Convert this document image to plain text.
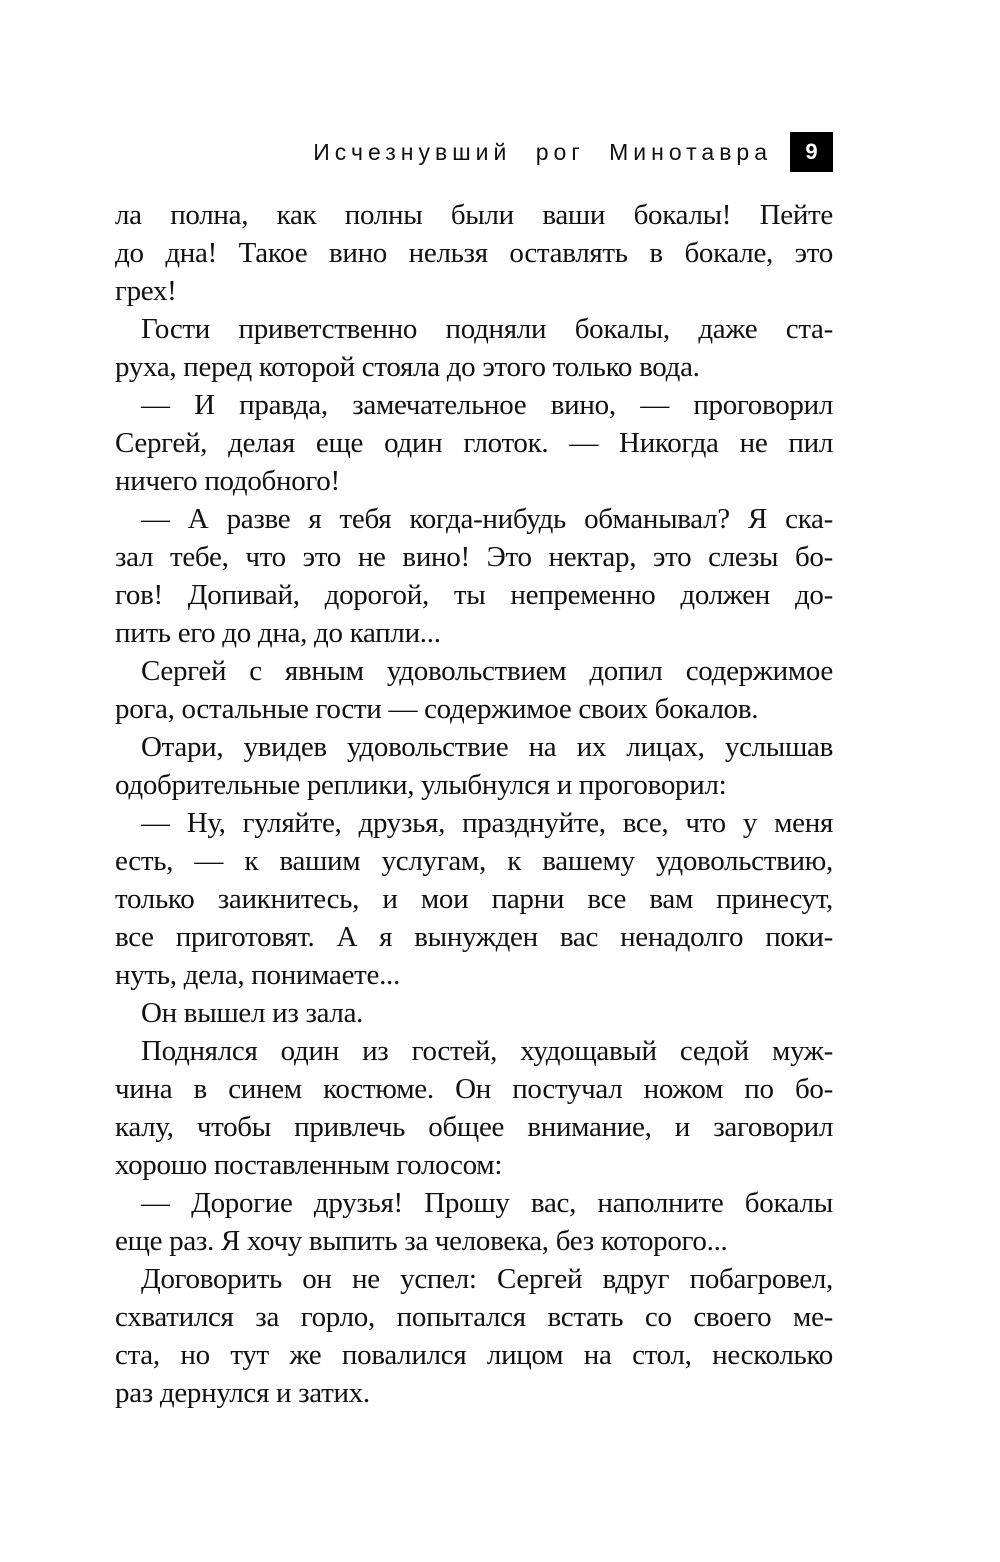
Исчезнувший рог Минотавра	9
ла полна, как полны были ваши бокалы! Пейте
до дна! Такое вино нельзя оставлять в бокале, это
грех!
Гости приветственно подняли бокалы, даже ста-
руха, перед которой стояла до этого только вода.
— И правда, замечательное вино, — проговорил
Сергей, делая еще один глоток. — Никогда не пил
ничего подобного!
— А разве я тебя когда-нибудь обманывал? Я ска-
зал тебе, что это не вино! Это нектар, это слезы бо-
гов! Допивай, дорогой, ты непременно должен до-
пить его до дна, до капли...
Сергей с явным удовольствием допил содержимое
рога, остальные гости — содержимое своих бокалов.
Отари, увидев удовольствие на их лицах, услышав
одобрительные реплики, улыбнулся и проговорил:
— Ну, гуляйте, друзья, празднуйте, все, что у меня
есть, — к вашим услугам, к вашему удовольствию,
только заикнитесь, и мои парни все вам принесут,
все приготовят. А я вынужден вас ненадолго поки-
нуть, дела, понимаете...
Он вышел из зала.
Поднялся один из гостей, худощавый седой муж-
чина в синем костюме. Он постучал ножом по бо-
калу, чтобы привлечь общее внимание, и заговорил
хорошо поставленным голосом:
— Дорогие друзья! Прошу вас, наполните бокалы
еще раз. Я хочу выпить за человека, без которого...
Договорить он не успел: Сергей вдруг побагровел,
схватился за горло, попытался встать со своего ме-
ста, но тут же повалился лицом на стол, несколько
раз дернулся и затих.
